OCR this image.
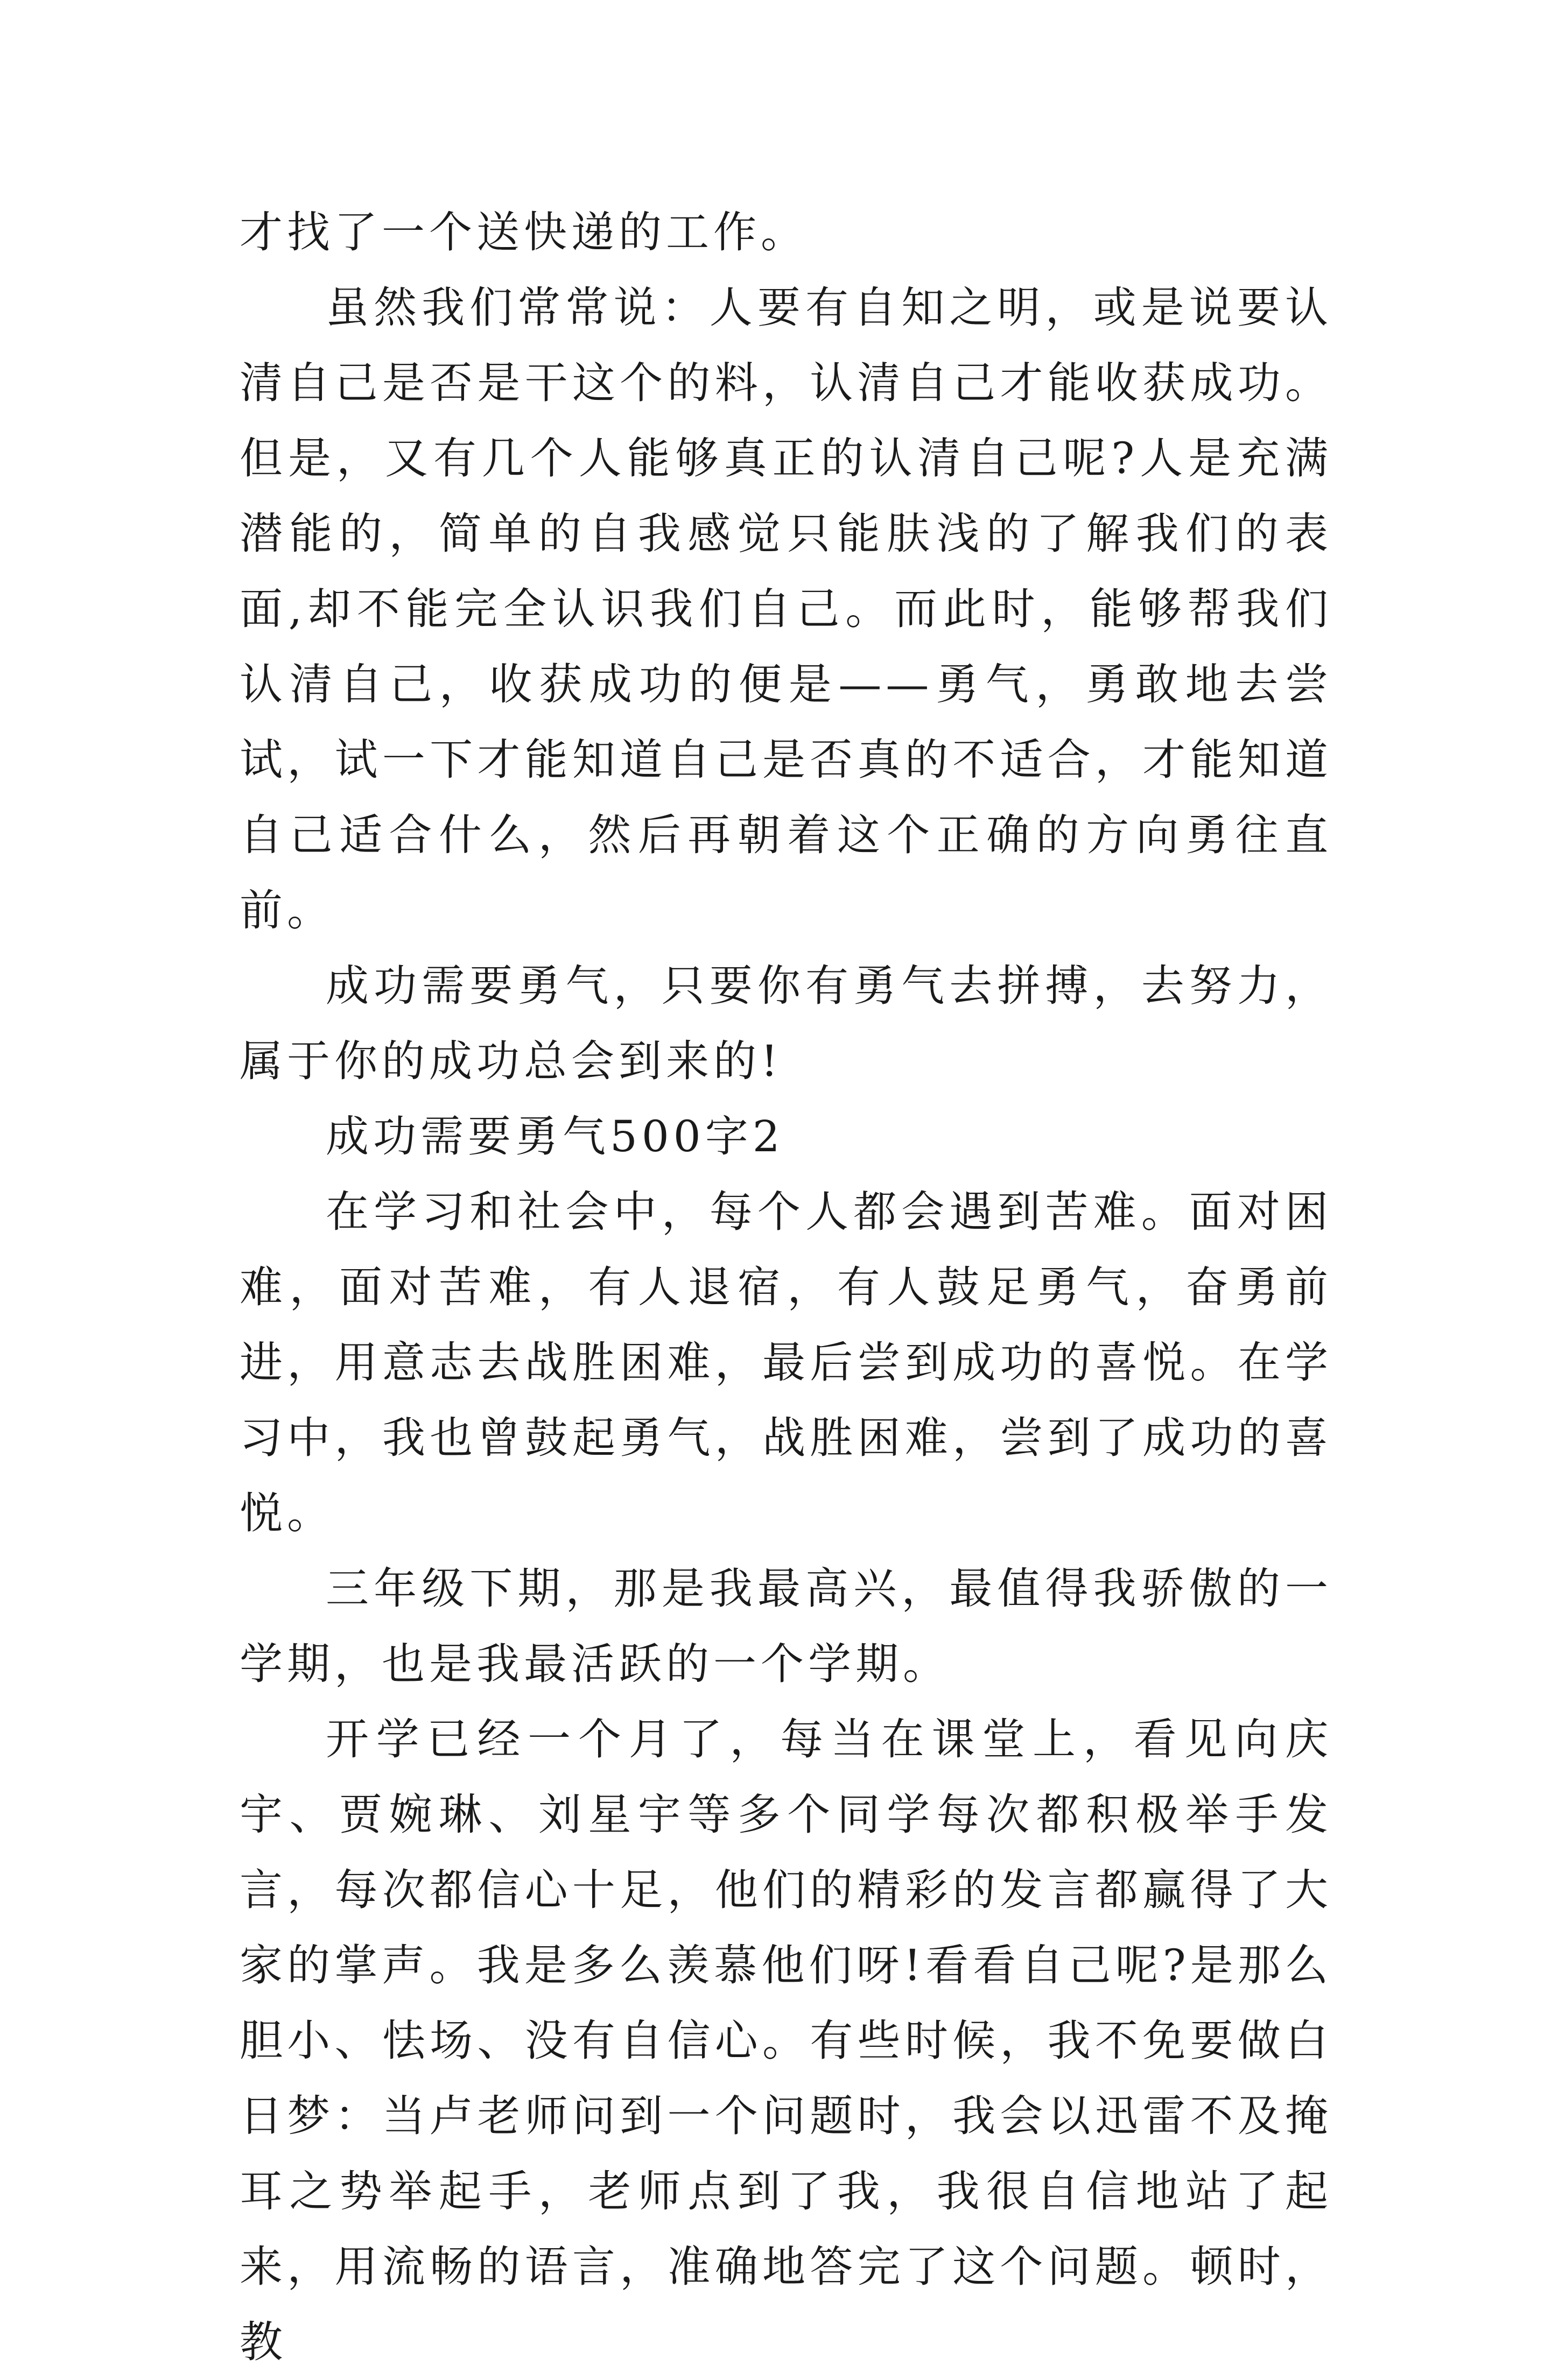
才找了一个送快递的工作。

虽然我们常常说：人要有自知之明，或是说要认清自己是否是干这个的料，认清自己才能收获成功。但是，又有几个人能够真正的认清自己呢?人是充满潜能的，简单的自我感觉只能肤浅的了解我们的表面,却不能完全认识我们自己。而此时，能够帮我们认清自己，收获成功的便是——勇气，勇敢地去尝试，试一下才能知道自己是否真的不适合，才能知道自己适合什么，然后再朝着这个正确的方向勇往直前。

成功需要勇气，只要你有勇气去拼搏，去努力，属于你的成功总会到来的!

成功需要勇气500字2

在学习和社会中，每个人都会遇到苦难。面对困难，面对苦难，有人退宿，有人鼓足勇气，奋勇前进，用意志去战胜困难，最后尝到成功的喜悦。在学习中，我也曾鼓起勇气，战胜困难，尝到了成功的喜悦。

三年级下期，那是我最高兴，最值得我骄傲的一学期，也是我最活跃的一个学期。

开学已经一个月了，每当在课堂上，看见向庆宇、贾婉琳、刘星宇等多个同学每次都积极举手发言，每次都信心十足，他们的精彩的发言都赢得了大家的掌声。我是多么羡慕他们呀!看看自己呢?是那么胆小、怯场、没有自信心。有些时候，我不免要做白日梦：当卢老师问到一个问题时，我会以迅雷不及掩耳之势举起手，老师点到了我，我很自信地站了起来，用流畅的语言，准确地答完了这个问题。顿时，教
